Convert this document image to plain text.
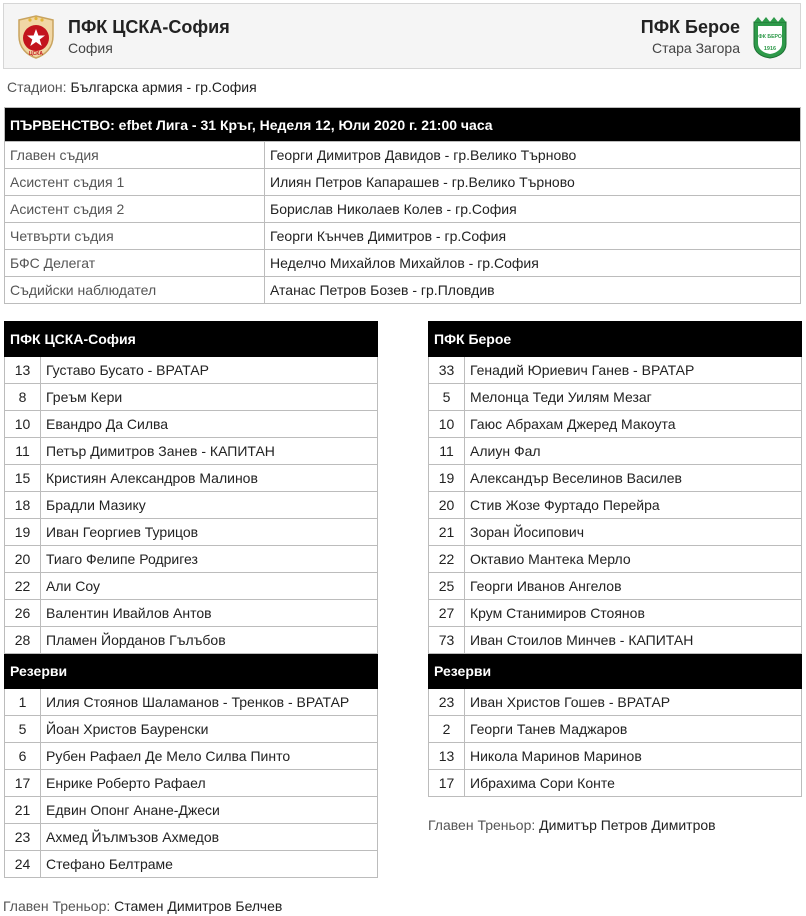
ЦСКА
ПФК ЦСКА-София
София
ПФК Берое
Стара Загора
ПФК БЕРОЕ
1916
Стадион: Българска армия - гр.София
ПЪРВЕНСТВО: efbet Лига - 31 Кръг, Неделя 12, Юли 2020 г. 21:00 часа	
Главен съдия	Георги Димитров Давидов - гр.Велико Търново
Асистент съдия 1	Илиян Петров Капарашев - гр.Велико Търново
Асистент съдия 2	Борислав Николаев Колев - гр.София
Четвърти съдия	Георги Кънчев Димитров - гр.София
БФС Делегат	Неделчо Михайлов Михайлов - гр.София
Съдийски наблюдател	Атанас Петров Бозев - гр.Пловдив
ПФК ЦСКА-София	
13	Густаво Бусато - ВРАТАР
8	Греъм Кери
10	Евандро Да Силва
11	Петър Димитров Занев - КАПИТАН
15	Кристиян Александров Малинов
18	Брадли Мазику
19	Иван Георгиев Турицов
20	Тиаго Фелипе Родригез
22	Али Соу
26	Валентин Ивайлов Антов
28	Пламен Йорданов Гълъбов
Резерви	
1	Илия Стоянов Шаламанов - Тренков - ВРАТАР
5	Йоан Христов Бауренски
6	Рубен Рафаел Де Мело Силва Пинто
17	Енрике Роберто Рафаел
21	Едвин Опонг Ананe-Джеси
23	Ахмед Йълмъзов Ахмедов
24	Стефано Белтраме
ПФК Берое	
33	Генадий Юриевич Ганев - ВРАТАР
5	Мелонца Теди Уилям Мезаг
10	Гаюс Абрахам Джеред Макоута
11	Алиун Фал
19	Александър Веселинов Василев
20	Стив Жозе Фуртадо Перейра
21	Зоран Йосипович
22	Октавио Мантека Мерло
25	Георги Иванов Ангелов
27	Крум Станимиров Стоянов
73	Иван Стоилов Минчев - КАПИТАН
Резерви	
23	Иван Христов Гошев - ВРАТАР
2	Георги Танев Маджаров
13	Никола Маринов Маринов
17	Ибрахима Сори Конте
Главен Треньор: Димитър Петров Димитров
Главен Треньор: Стамен Димитров Белчев
